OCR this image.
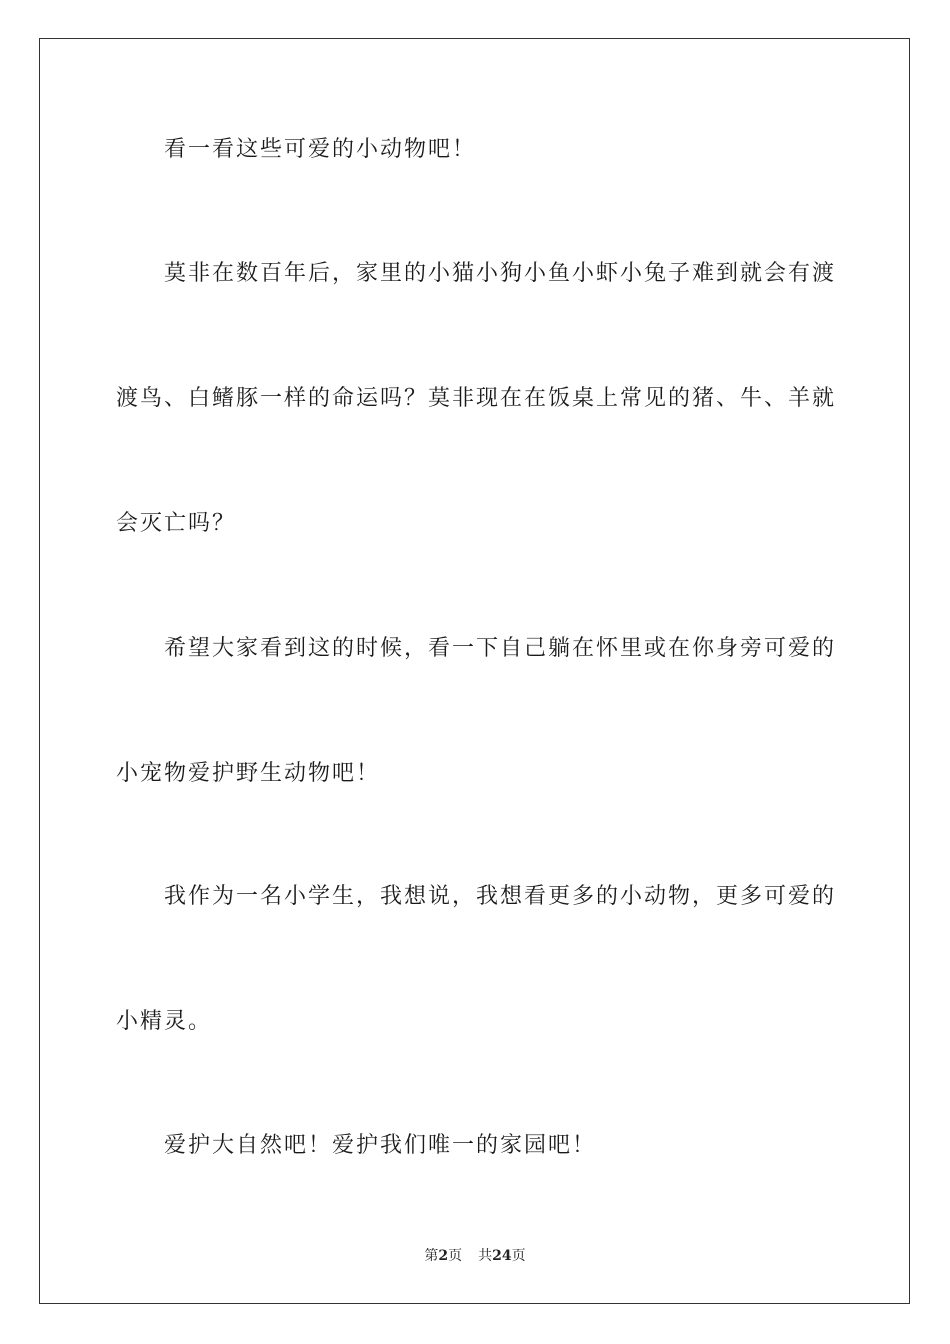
看一看这些可爱的小动物吧！

莫非在数百年后，家里的小猫小狗小鱼小虾小兔子难到就会有渡

渡鸟、白鳍豚一样的命运吗？莫非现在在饭桌上常见的猪、牛、羊就

会灭亡吗？

希望大家看到这的时候，看一下自己躺在怀里或在你身旁可爱的

小宠物爱护野生动物吧！

我作为一名小学生，我想说，我想看更多的小动物，更多可爱的

小精灵。

爱护大自然吧！爱护我们唯一的家园吧！

第2页 共24页
